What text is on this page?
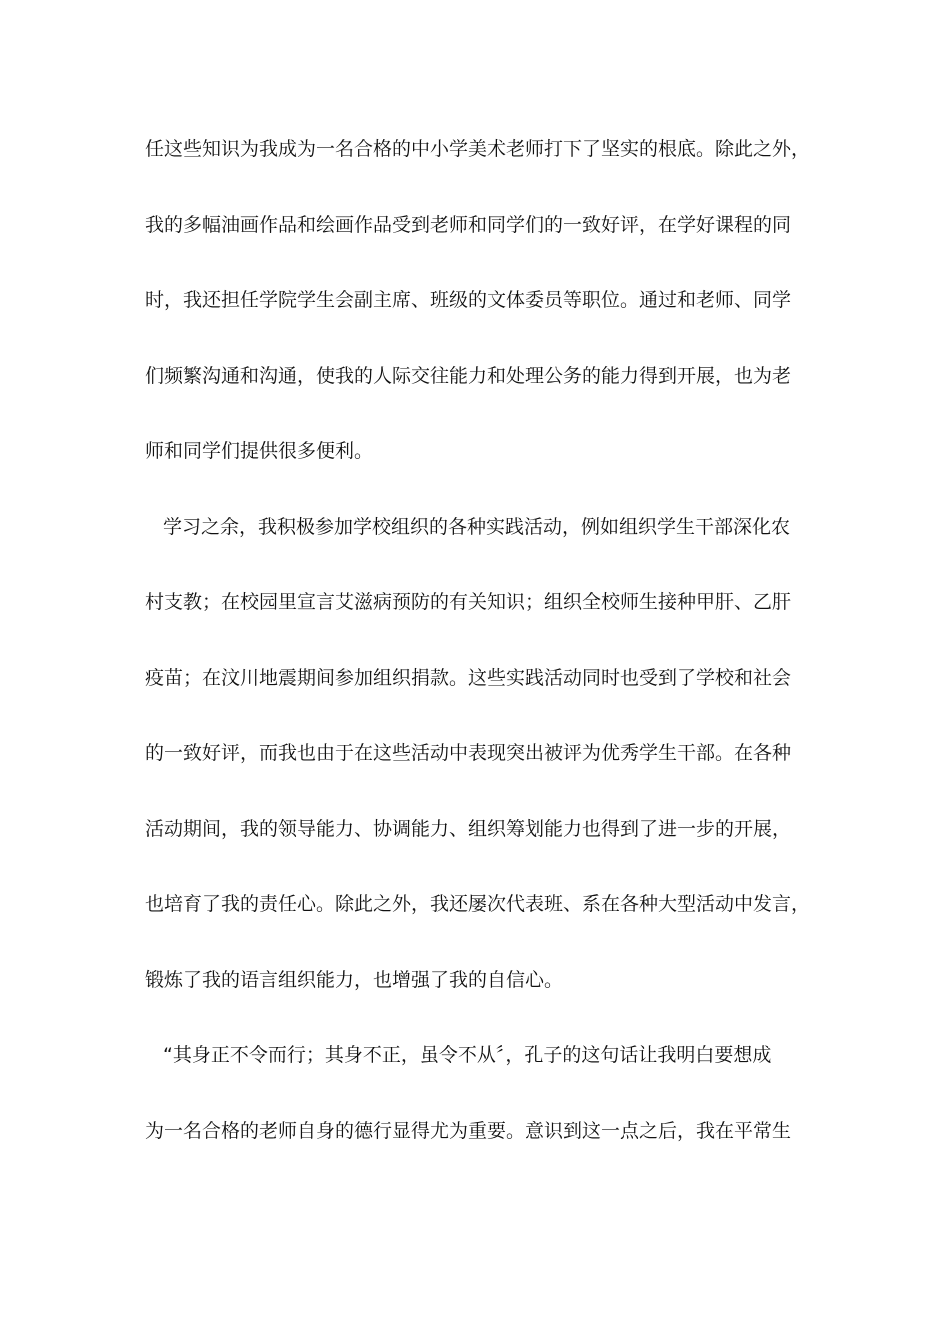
任这些知识为我成为一名合格的中小学美术老师打下了坚实的根底。除此之外，
我的多幅油画作品和绘画作品受到老师和同学们的一致好评，在学好课程的同
时，我还担任学院学生会副主席、班级的文体委员等职位。通过和老师、同学
们频繁沟通和沟通，使我的人际交往能力和处理公务的能力得到开展，也为老
师和同学们提供很多便利。
学习之余，我积极参加学校组织的各种实践活动，例如组织学生干部深化农
村支教；在校园里宣言艾滋病预防的有关知识；组织全校师生接种甲肝、乙肝
疫苗；在汶川地震期间参加组织捐款。这些实践活动同时也受到了学校和社会
的一致好评，而我也由于在这些活动中表现突出被评为优秀学生干部。在各种
活动期间，我的领导能力、协调能力、组织筹划能力也得到了进一步的开展，
也培育了我的责任心。除此之外，我还屡次代表班、系在各种大型活动中发言，
锻炼了我的语言组织能力，也增强了我的自信心。
“其身正不令而行；其身不正，虽令不从〞，孔子的这句话让我明白要想成
为一名合格的老师自身的德行显得尤为重要。意识到这一点之后，我在平常生
